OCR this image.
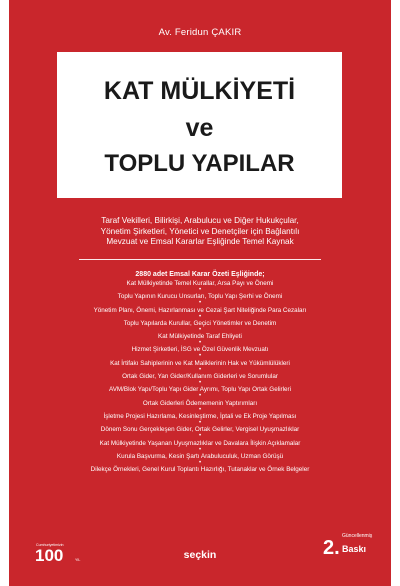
Av. Feridun ÇAKIR
KAT MÜLKİYETİ
ve
TOPLU YAPILAR
Taraf Vekilleri, Bilirkişi, Arabulucu ve Diğer Hukukçular,
Yönetim Şirketleri, Yönetici ve Denetçiler için Bağlantılı
Mevzuat ve Emsal Kararlar Eşliğinde Temel Kaynak
2880 adet Emsal Karar Özeti Eşliğinde;
Kat Mülkiyetinde Temel Kurallar, Arsa Payı ve Önemi
•
Toplu Yapının Kurucu Unsurları, Toplu Yapı Şerhi ve Önemi
•
Yönetim Planı, Önemi, Hazırlanması ve Cezai Şart Niteliğinde Para Cezaları
•
Toplu Yapılarda Kurullar, Geçici Yönetimler ve Denetim
•
Kat Mülkiyetinde Taraf Ehliyeti
•
Hizmet Şirketleri, İSG ve Özel Güvenlik Mevzuatı
•
Kat İrtifakı Sahiplerinin ve Kat Maliklerinin Hak ve Yükümlülükleri
•
Ortak Gider, Yan Gider/Kullanım Giderleri ve Sorumlular
•
AVM/Blok Yapı/Toplu Yapı Gider Ayrımı, Toplu Yapı Ortak Gelirleri
•
Ortak Giderleri Ödememenin Yaptırımları
•
İşletme Projesi Hazırlama, Kesinleştirme, İptali ve Ek Proje Yapılması
•
Dönem Sonu Gerçekleşen Gider, Ortak Gelirler, Vergisel Uyuşmazlıklar
•
Kat Mülkiyetinde Yaşanan Uyuşmazlıklar ve Davalara İlişkin Açıklamalar
•
Kurula Başvurma, Kesin Şartı Arabuluculuk, Uzman Görüşü
•
Dilekçe Örnekleri, Genel Kurul Toplantı Hazırlığı, Tutanaklar ve Örnek Belgeler
Cumhuriyetimizin
100	YIL
Güncellenmiş
2. Baskı
seçkin
